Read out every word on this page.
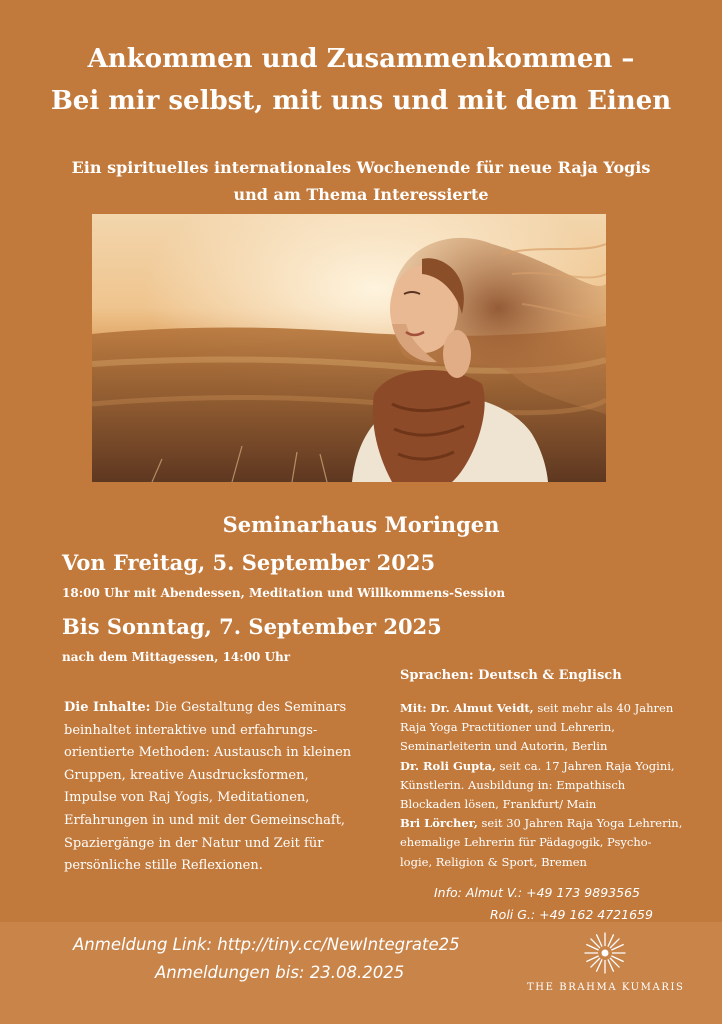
Ankommen und Zusammenkommen –
Bei mir selbst, mit uns und mit dem Einen
Ein spirituelles internationales Wochenende für neue Raja Yogis
und am Thema Interessierte
Seminarhaus Moringen
Von Freitag, 5. September 2025
18:00 Uhr mit Abendessen, Meditation und Willkommens-Session
Bis Sonntag, 7. September 2025
nach dem Mittagessen, 14:00 Uhr
Sprachen: Deutsch & Englisch
Die Inhalte: Die Gestaltung des Seminars
beinhaltet interaktive und erfahrungs-
orientierte Methoden: Austausch in kleinen
Gruppen, kreative Ausdrucksformen,
Impulse von Raj Yogis, Meditationen,
Erfahrungen in und mit der Gemeinschaft,
Spaziergänge in der Natur und Zeit für
persönliche stille Reflexionen.
Mit: Dr. Almut Veidt, seit mehr als 40 Jahren
Raja Yoga Practitioner und Lehrerin,
Seminarleiterin und Autorin, Berlin
Dr. Roli Gupta, seit ca. 17 Jahren Raja Yogini,
Künstlerin. Ausbildung in: Empathisch
Blockaden lösen, Frankfurt/ Main
Bri Lörcher, seit 30 Jahren Raja Yoga Lehrerin,
ehemalige Lehrerin für Pädagogik, Psycho-
logie, Religion & Sport, Bremen
Info: Almut V.: +49 173 9893565
Roli G.: +49 162 4721659
Anmeldung Link: http://tiny.cc/NewIntegrate25
Anmeldungen bis: 23.08.2025
THE BRAHMA KUMARIS
